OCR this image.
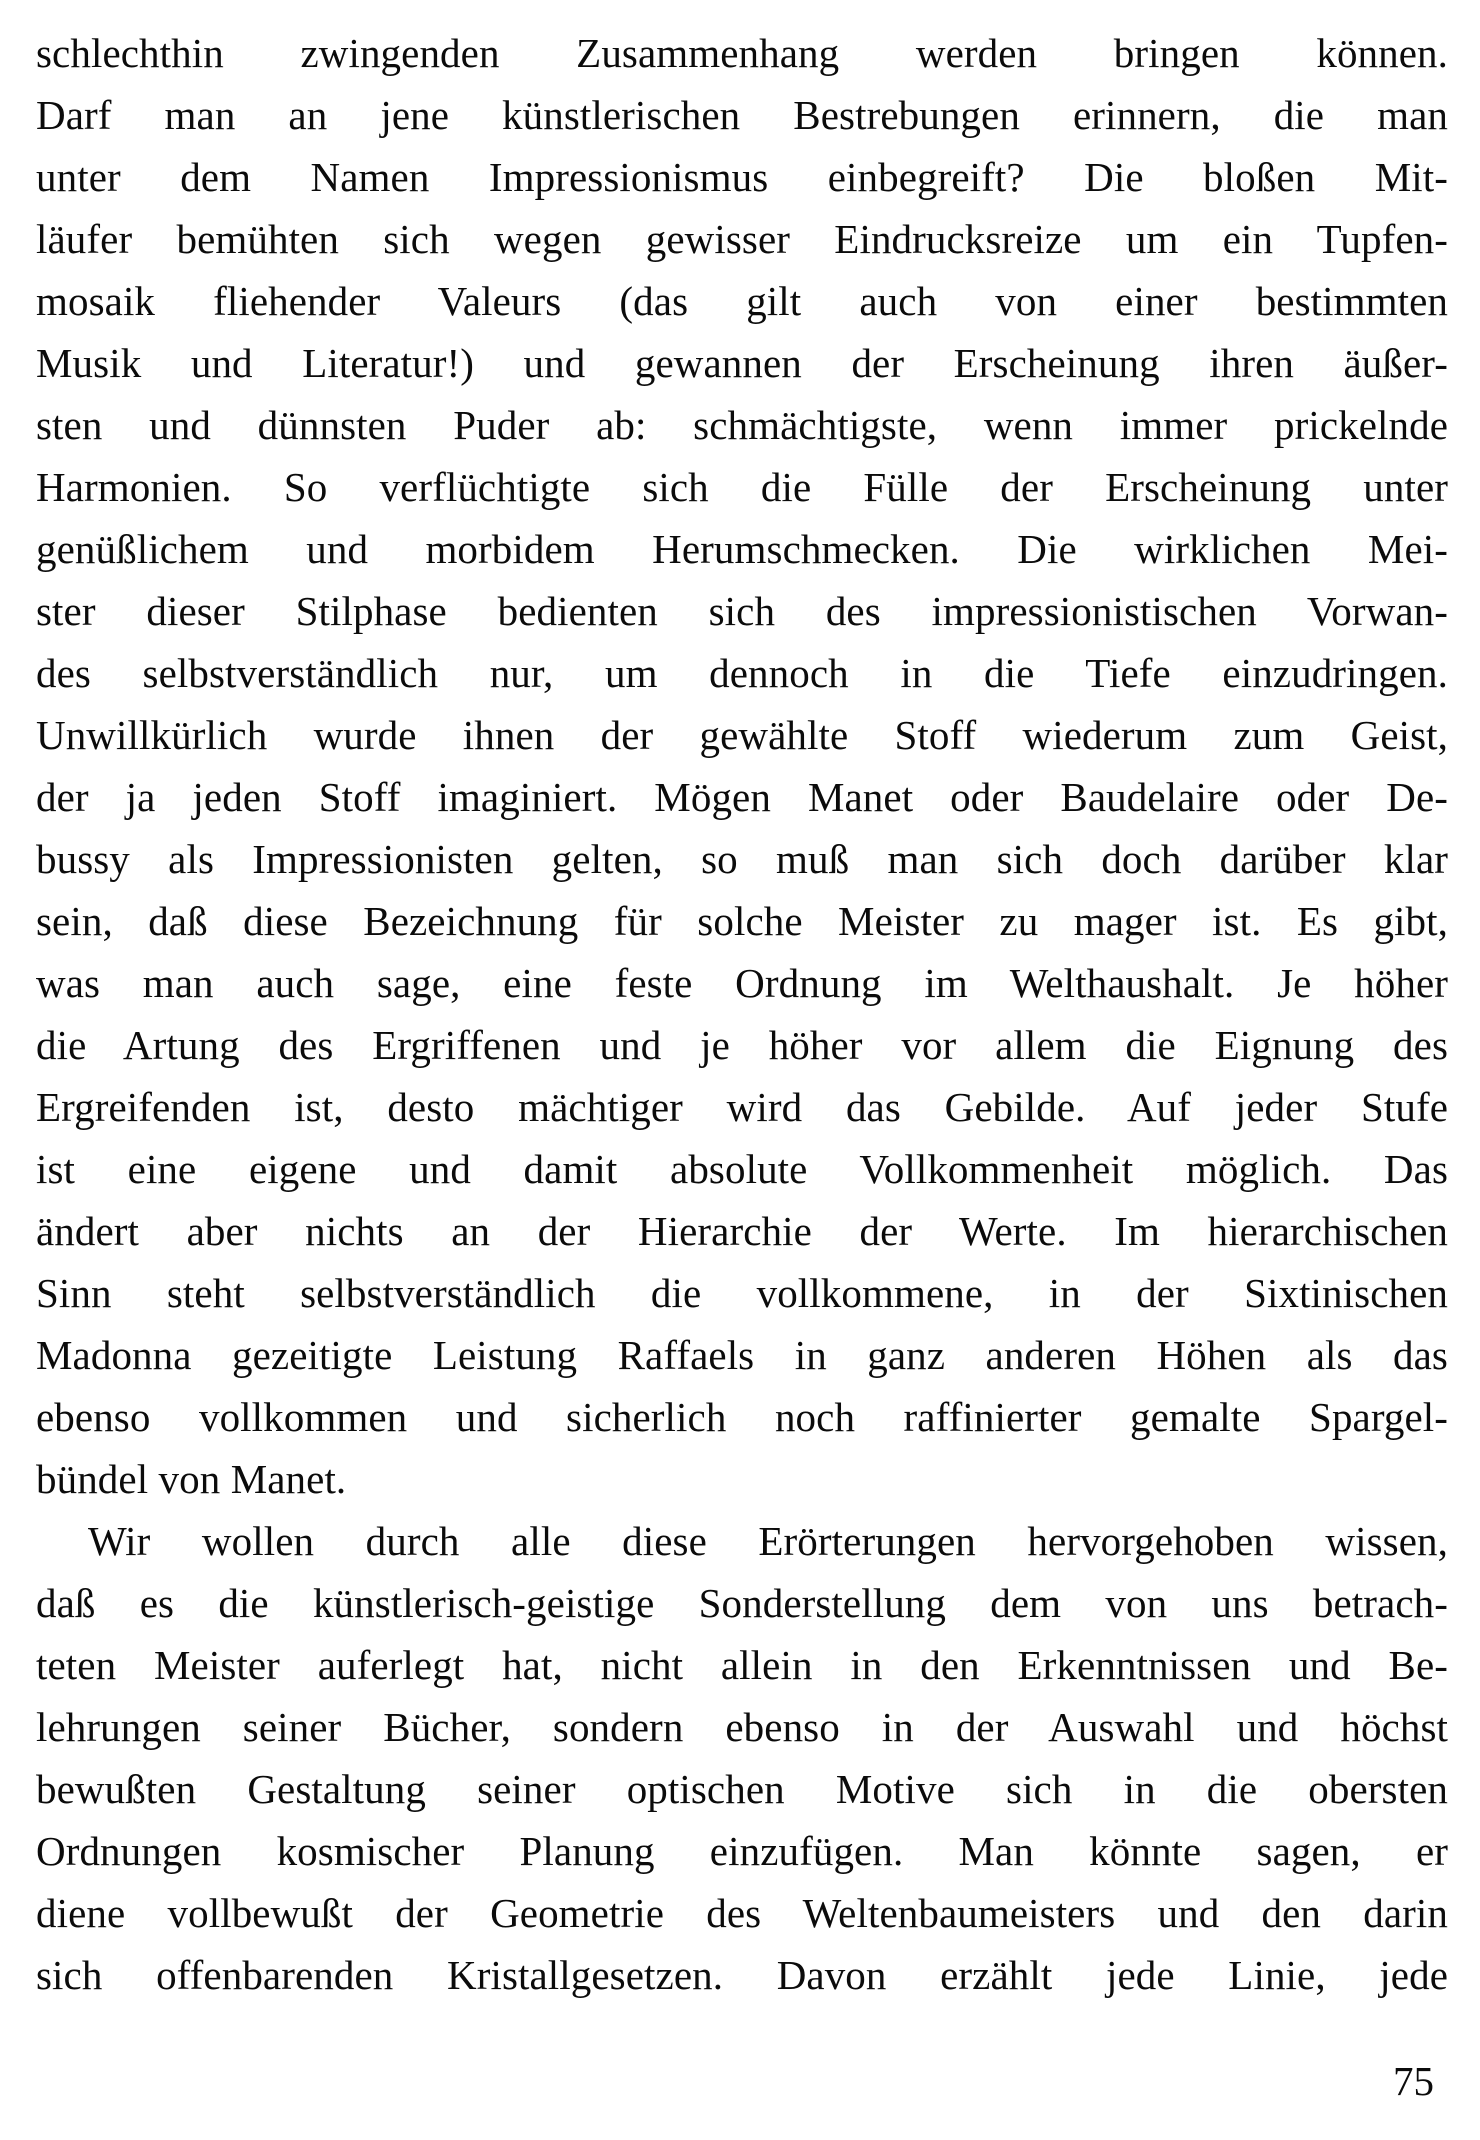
schlechthin zwingenden Zusammenhang werden bringen können.
Darf man an jene künstlerischen Bestrebungen erinnern, die man
unter dem Namen Impressionismus einbegreift? Die bloßen Mit-
läufer bemühten sich wegen gewisser Eindrucksreize um ein Tupfen-
mosaik fliehender Valeurs (das gilt auch von einer bestimmten
Musik und Literatur!) und gewannen der Erscheinung ihren äußer-
sten und dünnsten Puder ab: schmächtigste, wenn immer prickelnde
Harmonien. So verflüchtigte sich die Fülle der Erscheinung unter
genüßlichem und morbidem Herumschmecken. Die wirklichen Mei-
ster dieser Stilphase bedienten sich des impressionistischen Vorwan-
des selbstverständlich nur, um dennoch in die Tiefe einzudringen.
Unwillkürlich wurde ihnen der gewählte Stoff wiederum zum Geist,
der ja jeden Stoff imaginiert. Mögen Manet oder Baudelaire oder De-
bussy als Impressionisten gelten, so muß man sich doch darüber klar
sein, daß diese Bezeichnung für solche Meister zu mager ist. Es gibt,
was man auch sage, eine feste Ordnung im Welthaushalt. Je höher
die Artung des Ergriffenen und je höher vor allem die Eignung des
Ergreifenden ist, desto mächtiger wird das Gebilde. Auf jeder Stufe
ist eine eigene und damit absolute Vollkommenheit möglich. Das
ändert aber nichts an der Hierarchie der Werte. Im hierarchischen
Sinn steht selbstverständlich die vollkommene, in der Sixtinischen
Madonna gezeitigte Leistung Raffaels in ganz anderen Höhen als das
ebenso vollkommen und sicherlich noch raffinierter gemalte Spargel-
bündel von Manet.
Wir wollen durch alle diese Erörterungen hervorgehoben wissen,
daß es die künstlerisch-geistige Sonderstellung dem von uns betrach-
teten Meister auferlegt hat, nicht allein in den Erkenntnissen und Be-
lehrungen seiner Bücher, sondern ebenso in der Auswahl und höchst
bewußten Gestaltung seiner optischen Motive sich in die obersten
Ordnungen kosmischer Planung einzufügen. Man könnte sagen, er
diene vollbewußt der Geometrie des Weltenbaumeisters und den darin
sich offenbarenden Kristallgesetzen. Davon erzählt jede Linie, jede
75
